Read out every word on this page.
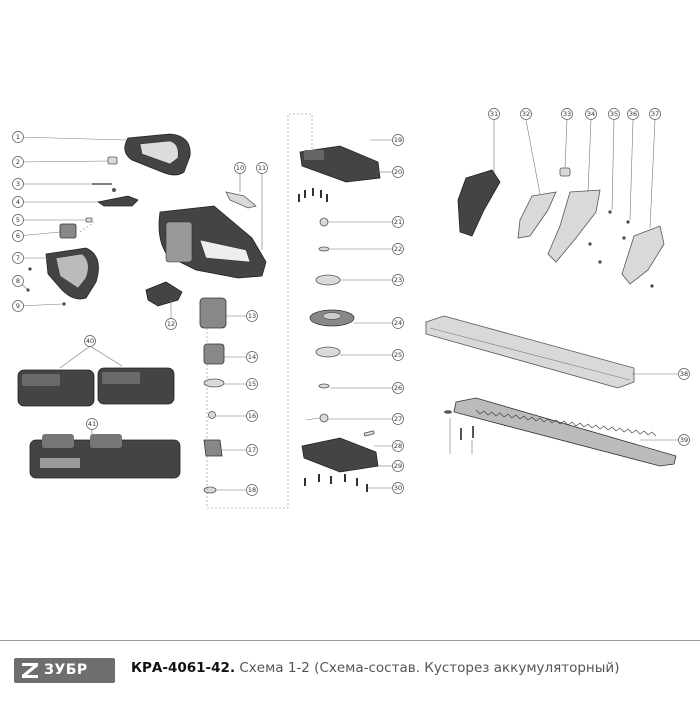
1
2
3
4
5
6
7
8
9
10 11
12
13
14
15
16
17
18
19
20
21
22
23
24
25
26
27
28
29
30
31	32	33 34 35 36 37
38
39
40
41
ЗУБР	КРА-4061-42. Схема 1-2 (Схема-состав. Кусторез аккумуляторный)
